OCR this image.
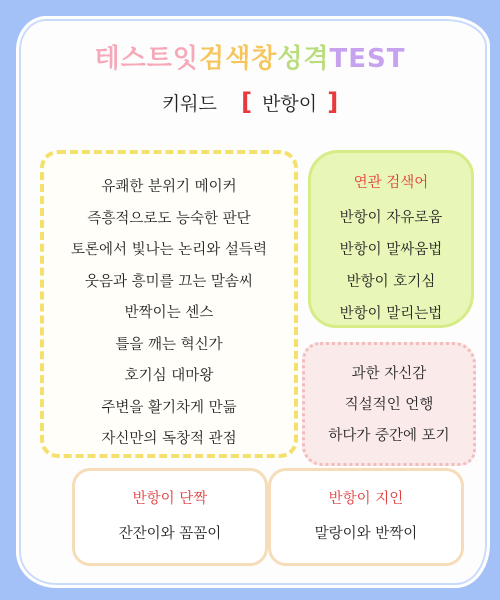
테스트잇검색창성격TEST
키워드 [ 반항이 ]
유쾌한 분위기 메이커
즉흥적으로도 능숙한 판단
토론에서 빛나는 논리와 설득력
웃음과 흥미를 끄는 말솜씨
반짝이는 센스
틀을 깨는 혁신가
호기심 대마왕
주변을 활기차게 만듦
자신만의 독창적 관점
연관 검색어
반항이 자유로움
반항이 말싸움법
반항이 호기심
반항이 말리는법
과한 자신감
직설적인 언행
하다가 중간에 포기
반항이 단짝
잔잔이와 꼼꼼이
반항이 지인
말랑이와 반짝이
